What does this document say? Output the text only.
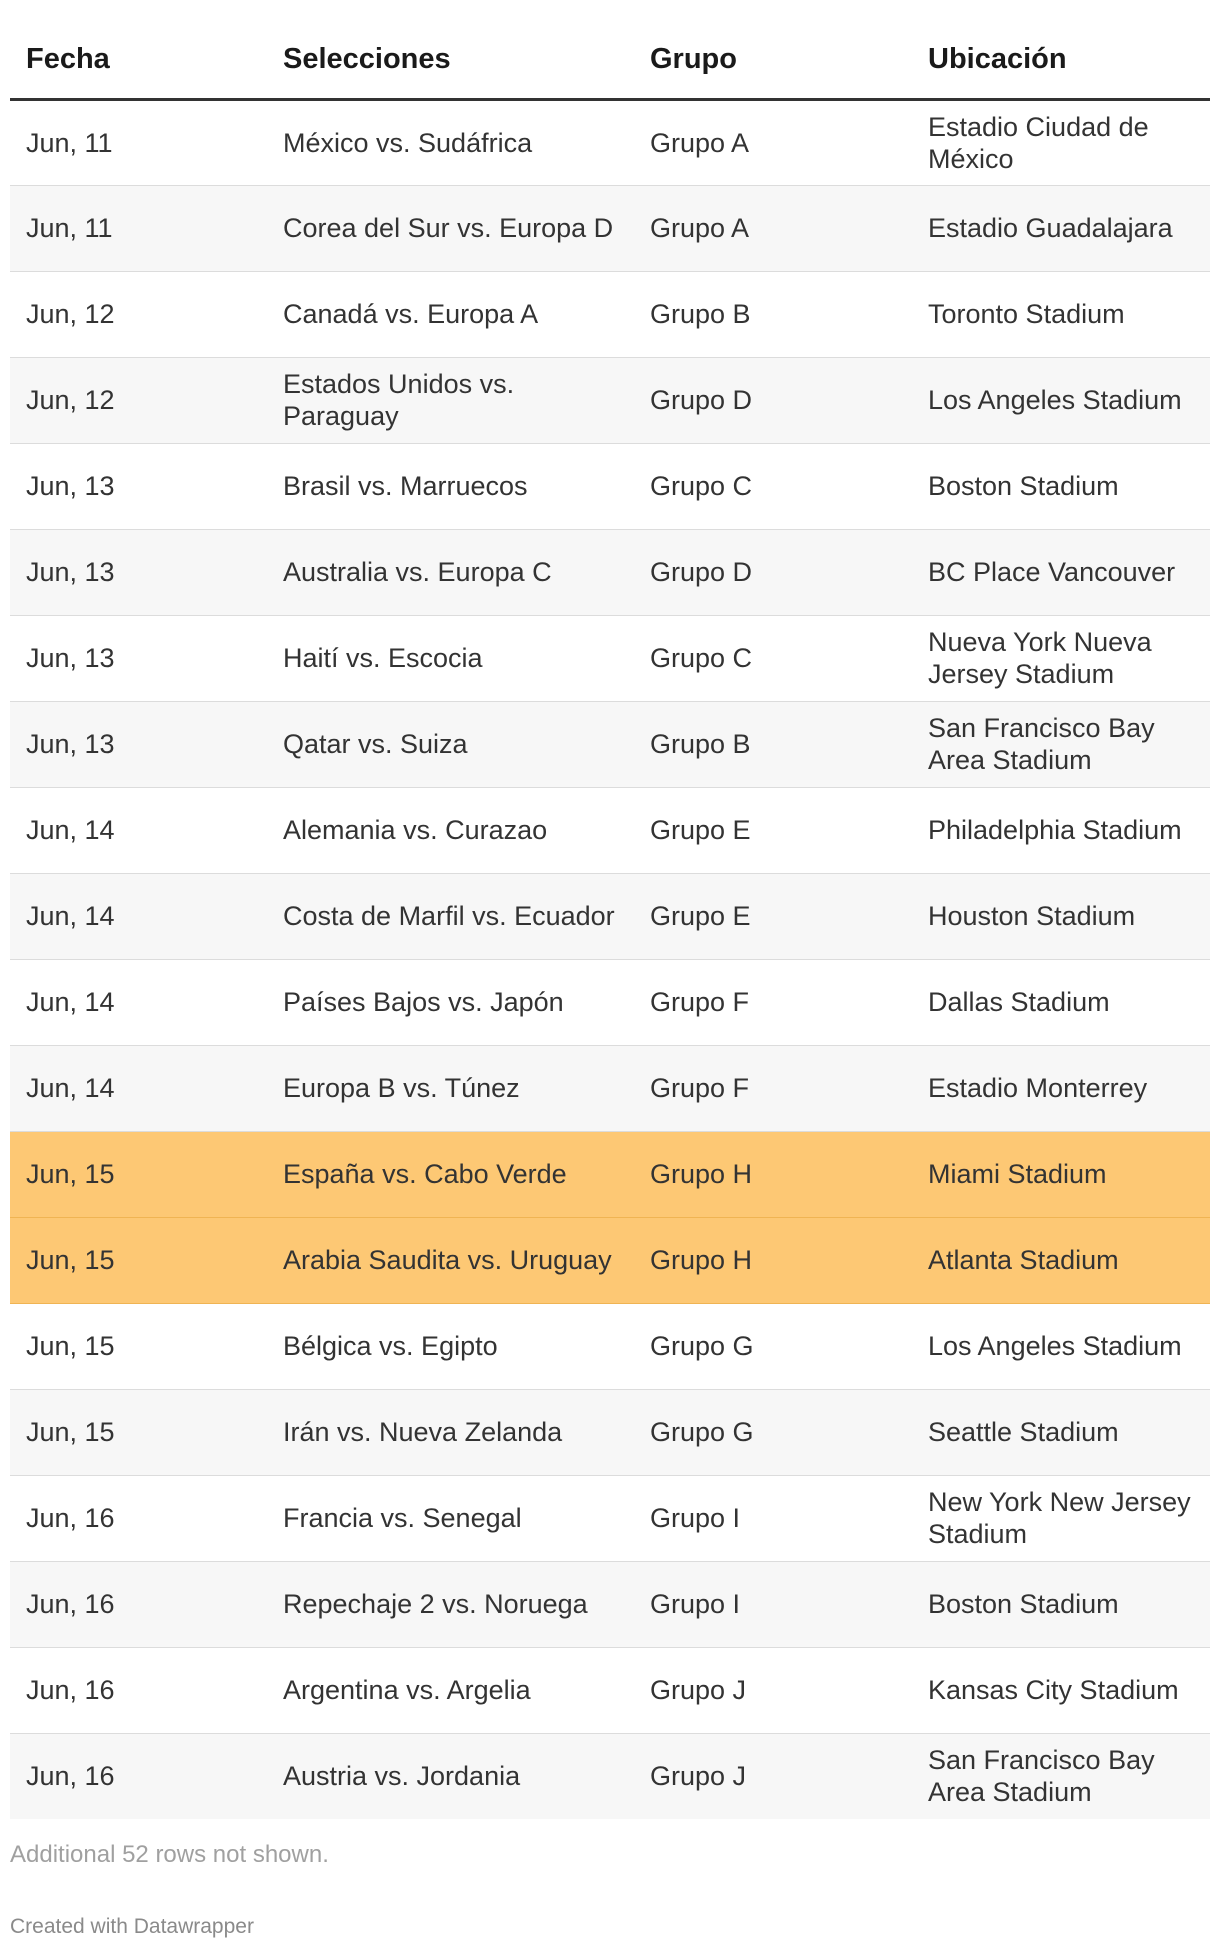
Fecha	Selecciones	Grupo	Ubicación
Jun, 11	México vs. Sudáfrica	Grupo A	Estadio Ciudad de México
Jun, 11	Corea del Sur vs. Europa D	Grupo A	Estadio Guadalajara
Jun, 12	Canadá vs. Europa A	Grupo B	Toronto Stadium
Jun, 12	Estados Unidos vs. Paraguay	Grupo D	Los Angeles Stadium
Jun, 13	Brasil vs. Marruecos	Grupo C	Boston Stadium
Jun, 13	Australia vs. Europa C	Grupo D	BC Place Vancouver
Jun, 13	Haití vs. Escocia	Grupo C	Nueva York Nueva Jersey Stadium
Jun, 13	Qatar vs. Suiza	Grupo B	San Francisco Bay Area Stadium
Jun, 14	Alemania vs. Curazao	Grupo E	Philadelphia Stadium
Jun, 14	Costa de Marfil vs. Ecuador	Grupo E	Houston Stadium
Jun, 14	Países Bajos vs. Japón	Grupo F	Dallas Stadium
Jun, 14	Europa B vs. Túnez	Grupo F	Estadio Monterrey
Jun, 15	España vs. Cabo Verde	Grupo H	Miami Stadium
Jun, 15	Arabia Saudita vs. Uruguay	Grupo H	Atlanta Stadium
Jun, 15	Bélgica vs. Egipto	Grupo G	Los Angeles Stadium
Jun, 15	Irán vs. Nueva Zelanda	Grupo G	Seattle Stadium
Jun, 16	Francia vs. Senegal	Grupo I	New York New Jersey Stadium
Jun, 16	Repechaje 2 vs. Noruega	Grupo I	Boston Stadium
Jun, 16	Argentina vs. Argelia	Grupo J	Kansas City Stadium
Jun, 16	Austria vs. Jordania	Grupo J	San Francisco Bay Area Stadium
Additional 52 rows not shown.
Created with Datawrapper
